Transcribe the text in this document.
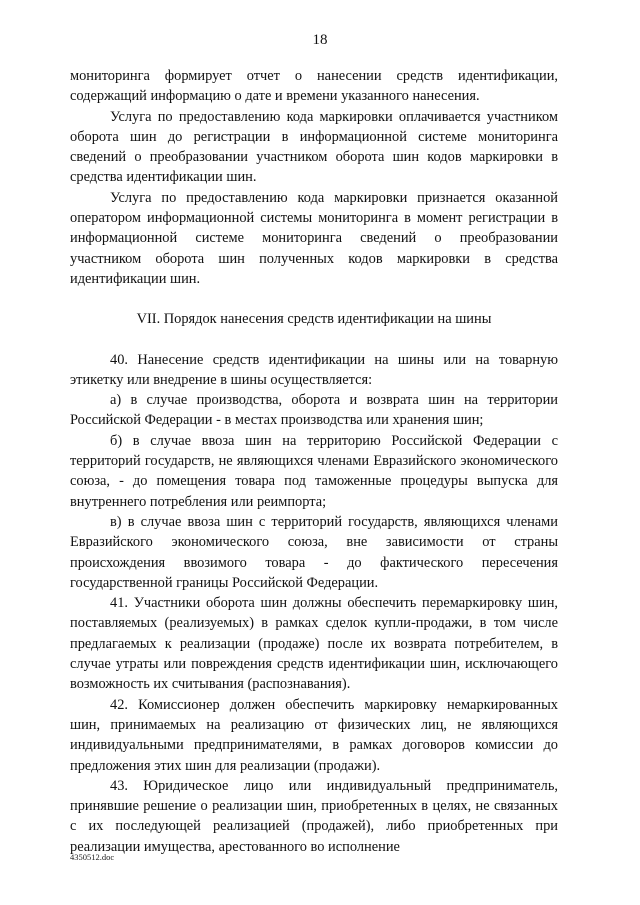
18

мониторинга формирует отчет о нанесении средств идентификации, содержащий информацию о дате и времени указанного нанесения.

Услуга по предоставлению кода маркировки оплачивается участником оборота шин до регистрации в информационной системе мониторинга сведений о преобразовании участником оборота шин кодов маркировки в средства идентификации шин.

Услуга по предоставлению кода маркировки признается оказанной оператором информационной системы мониторинга в момент регистрации в информационной системе мониторинга сведений о преобразовании участником оборота шин полученных кодов маркировки в средства идентификации шин.

VII. Порядок нанесения средств идентификации на шины

40. Нанесение средств идентификации на шины или на товарную этикетку или внедрение в шины осуществляется:

а) в случае производства, оборота и возврата шин на территории Российской Федерации - в местах производства или хранения шин;

б) в случае ввоза шин на территорию Российской Федерации с территорий государств, не являющихся членами Евразийского экономического союза, - до помещения товара под таможенные процедуры выпуска для внутреннего потребления или реимпорта;

в) в случае ввоза шин с территорий государств, являющихся членами Евразийского экономического союза, вне зависимости от страны происхождения ввозимого товара - до фактического пересечения государственной границы Российской Федерации.

41. Участники оборота шин должны обеспечить перемаркировку шин, поставляемых (реализуемых) в рамках сделок купли-продажи, в том числе предлагаемых к реализации (продаже) после их возврата потребителем, в случае утраты или повреждения средств идентификации шин, исключающего возможность их считывания (распознавания).

42. Комиссионер должен обеспечить маркировку немаркированных шин, принимаемых на реализацию от физических лиц, не являющихся индивидуальными предпринимателями, в рамках договоров комиссии до предложения этих шин для реализации (продажи).

43. Юридическое лицо или индивидуальный предприниматель, принявшие решение о реализации шин, приобретенных в целях, не связанных с их последующей реализацией (продажей), либо приобретенных при реализации имущества, арестованного во исполнение

4350512.doc
